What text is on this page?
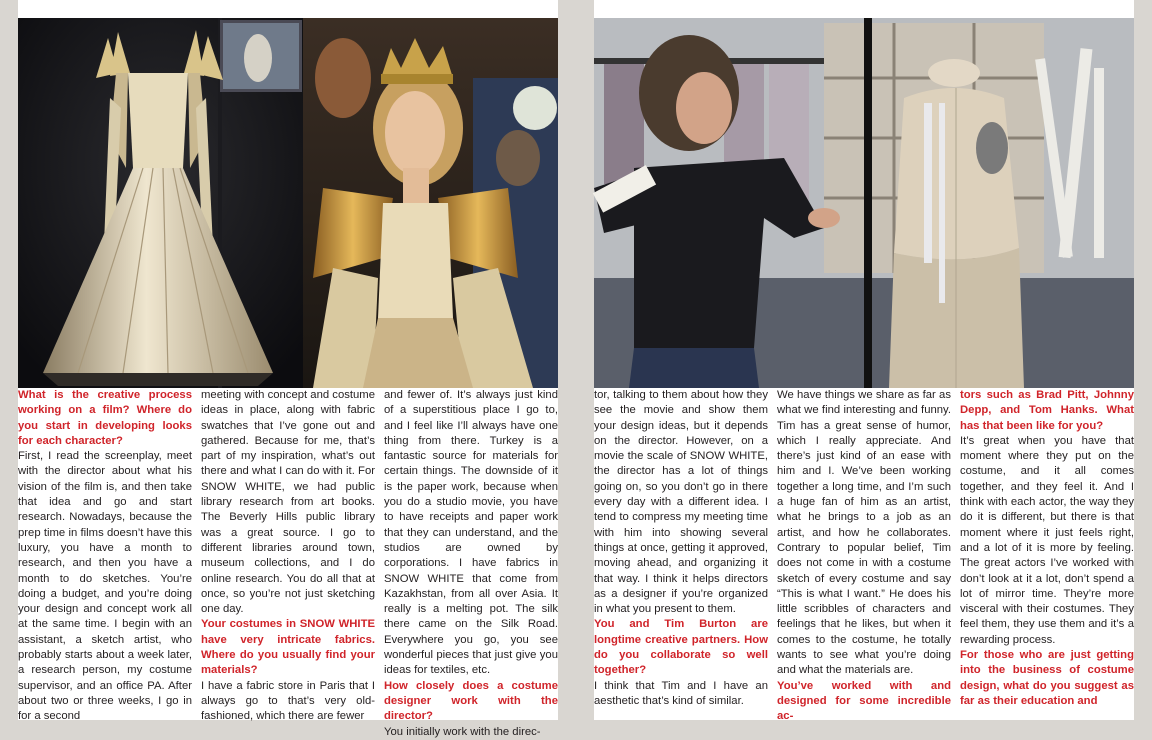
What is the creative process working on a film? Where do you start in developing looks for each character?

First, I read the screenplay, meet with the director about what his vision of the film is, and then take that idea and go and start research. Nowadays, because the prep time in films doesn’t have this luxury, you have a month to research, and then you have a month to do sketches. You’re doing a budget, and you’re doing your design and concept work all at the same time. I begin with an assistant, a sketch artist, who probably starts about a week later, a research person, my costume supervisor, and an office PA. After about two or three weeks, I go in for a second

meeting with concept and costume ideas in place, along with fabric swatches that I’ve gone out and gathered. Because for me, that’s part of my inspiration, what’s out there and what I can do with it. For SNOW WHITE, we had public library research from art books. The Beverly Hills public library was a great source. I go to different libraries around town, museum collections, and I do online research. You do all that at once, so you’re not just sketching one day.

Your costumes in SNOW WHITE have very intricate fabrics. Where do you usually find your materials?

I have a fabric store in Paris that I always go to that’s very old-fashioned, which there are fewer

and fewer of. It’s always just kind of a superstitious place I go to, and I feel like I’ll always have one thing from there. Turkey is a fantastic source for materials for certain things. The downside of it is the paper work, because when you do a studio movie, you have to have receipts and paper work that they can understand, and the studios are owned by corporations. I have fabrics in SNOW WHITE that come from Kazakhstan, from all over Asia. It really is a melting pot. The silk there came on the Silk Road. Everywhere you go, you see wonderful pieces that just give you ideas for textiles, etc.

How closely does a costume designer work with the director?

You initially work with the direc-

tor, talking to them about how they see the movie and show them your design ideas, but it depends on the director. However, on a movie the scale of SNOW WHITE, the director has a lot of things going on, so you don’t go in there every day with a different idea. I tend to compress my meeting time with him into showing several things at once, getting it approved, moving ahead, and organizing it that way. I think it helps directors as a designer if you’re organized in what you present to them.

You and Tim Burton are longtime creative partners. How do you collaborate so well together?

I think that Tim and I have an aesthetic that’s kind of similar.

We have things we share as far as what we find interesting and funny. Tim has a great sense of humor, which I really appreciate. And there’s just kind of an ease with him and I. We’ve been working together a long time, and I’m such a huge fan of him as an artist, what he brings to a job as an artist, and how he collaborates. Contrary to popular belief, Tim does not come in with a costume sketch of every costume and say “This is what I want.” He does his little scribbles of characters and feelings that he likes, but when it comes to the costume, he totally wants to see what you’re doing and what the materials are.

You’ve worked with and designed for some incredible ac-

tors such as Brad Pitt, Johnny Depp, and Tom Hanks. What has that been like for you?

It’s great when you have that moment where they put on the costume, and it all comes together, and they feel it. And I think with each actor, the way they do it is different, but there is that moment where it just feels right, and a lot of it is more by feeling. The great actors I’ve worked with don’t look at it a lot, don’t spend a lot of mirror time. They’re more visceral with their costumes. They feel them, they use them and it’s a rewarding process.

For those who are just getting into the business of costume design, what do you suggest as far as their education and
